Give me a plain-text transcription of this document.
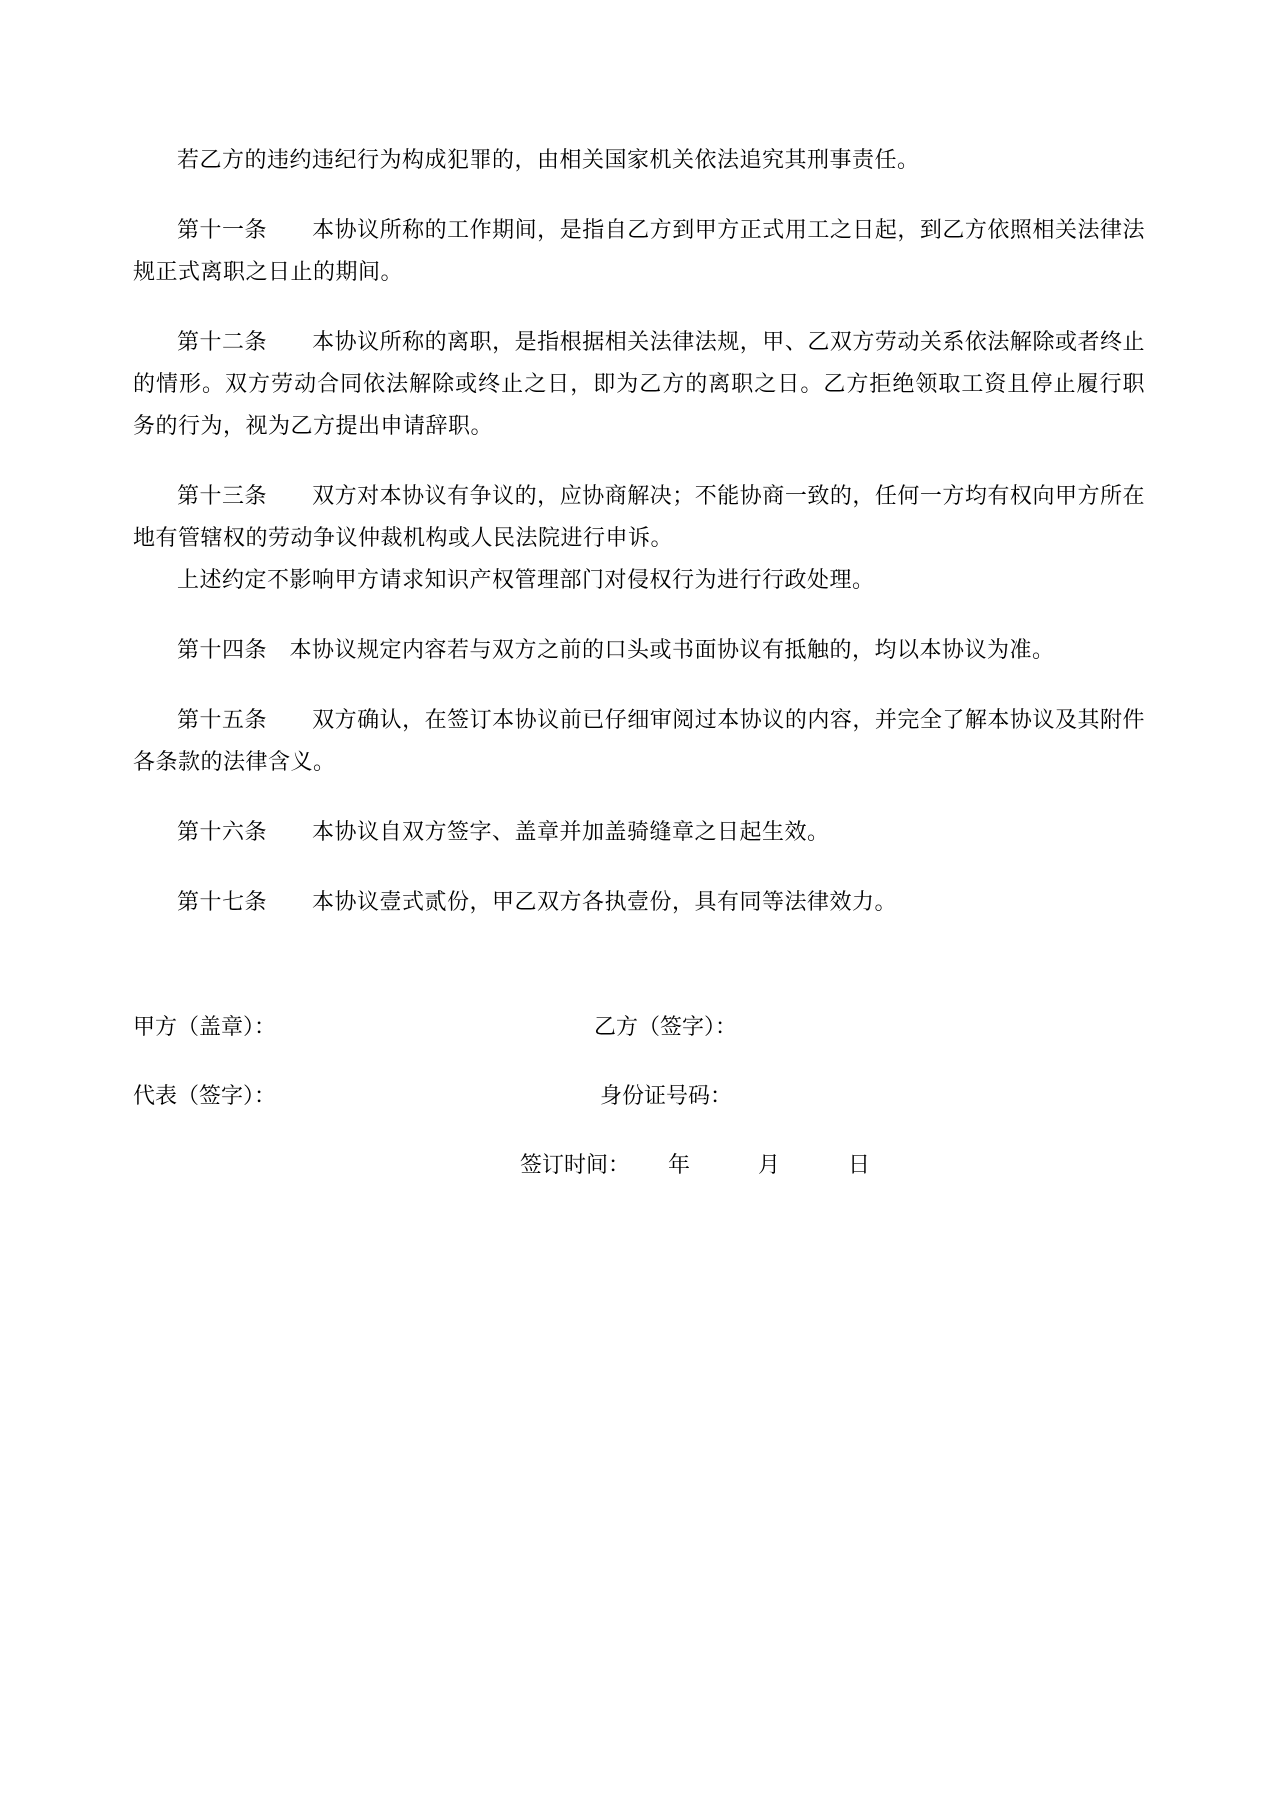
若乙方的违约违纪行为构成犯罪的，由相关国家机关依法追究其刑事责任。
第十一条　　本协议所称的工作期间，是指自乙方到甲方正式用工之日起，到乙方依照相关法律法
规正式离职之日止的期间。
第十二条　　本协议所称的离职，是指根据相关法律法规，甲、乙双方劳动关系依法解除或者终止
的情形。双方劳动合同依法解除或终止之日，即为乙方的离职之日。乙方拒绝领取工资且停止履行职
务的行为，视为乙方提出申请辞职。
第十三条　　双方对本协议有争议的，应协商解决；不能协商一致的，任何一方均有权向甲方所在
地有管辖权的劳动争议仲裁机构或人民法院进行申诉。
上述约定不影响甲方请求知识产权管理部门对侵权行为进行行政处理。
第十四条　本协议规定内容若与双方之前的口头或书面协议有抵触的，均以本协议为准。
第十五条　　双方确认，在签订本协议前已仔细审阅过本协议的内容，并完全了解本协议及其附件
各条款的法律含义。
第十六条　　本协议自双方签字、盖章并加盖骑缝章之日起生效。
第十七条　　本协议壹式贰份，甲乙双方各执壹份，具有同等法律效力。
甲方（盖章）：	乙方（签字）：
代表（签字）：	身份证号码：
签订时间： 年	月	日
